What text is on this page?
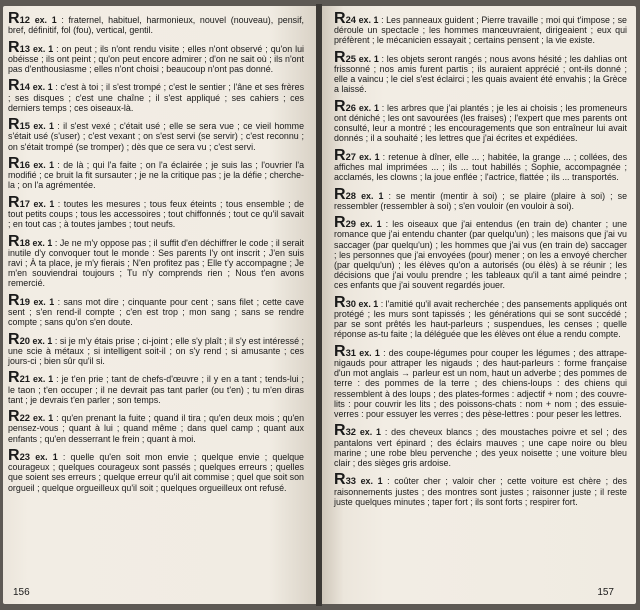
R12 ex. 1 : fraternel, habituel, harmonieux, nouvel (nouveau), pensif, bref, définitif, fol (fou), vertical, gentil.

R13 ex. 1 : on peut ; ils n'ont rendu visite ; elles n'ont observé ; qu'on lui obéisse ; ils ont peint ; qu'on peut encore admirer ; d'on ne sait où ; ils n'ont pas d'enthousiasme ; elles n'ont choisi ; beaucoup n'ont pas donné.

R14 ex. 1 : c'est à toi ; il s'est trompé ; c'est le sentier ; l'âne et ses frères ; ses disques ; c'est une chaîne ; il s'est appliqué ; ses cahiers ; ces derniers temps ; ces oiseaux-là.

R15 ex. 1 : il s'est vexé ; c'était usé ; elle se sera vue ; ce vieil homme s'était usé (s'user) ; c'est vexant ; on s'est servi (se servir) ; c'est reconnu ; on s'était trompé (se tromper) ; dès que ce sera vu ; c'est servi.

R16 ex. 1 : de là ; qui l'a faite ; on l'a éclairée ; je suis las ; l'ouvrier l'a modifié ; ce bruit la fit sursauter ; je ne la critique pas ; je la défie ; cherche-la ; on l'a agrémentée.

R17 ex. 1 : toutes les mesures ; tous feux éteints ; tous ensemble ; de tout petits coups ; tous les accessoires ; tout chiffonnés ; tout ce qu'il savait ; en tout cas ; à toutes jambes ; tout neufs.

R18 ex. 1 : Je ne m'y oppose pas ; il suffit d'en déchiffrer le code ; il serait inutile d'y convoquer tout le monde : Ses parents l'y ont inscrit ; J'en suis ravi ; À ta place, je m'y fierais ; N'en profitez pas ; Elle t'y accompagne ; Je m'en souviendrai toujours ; Tu n'y comprends rien ; Nous t'en avons remercié.

R19 ex. 1 : sans mot dire ; cinquante pour cent ; sans filet ; cette cave sent ; s'en rend-il compte ; c'en est trop ; mon sang ; sans se rendre compte ; sans qu'on s'en doute.

R20 ex. 1 : si je m'y étais prise ; ci-joint ; elle s'y plaît ; il s'y est intéressé ; une scie à métaux ; si intelligent soit-il ; on s'y rend ; si amusante ; ces jours-ci ; bien sûr qu'il si.

R21 ex. 1 : je t'en prie ; tant de chefs-d'œuvre ; il y en a tant ; tends-lui ; le taon ; t'en occuper ; il ne devrait pas tant parler (ou t'en) ; tu m'en diras tant ; je devrais t'en parler ; son temps.

R22 ex. 1 : qu'en prenant la fuite ; quand il tira ; qu'en deux mois ; qu'en pensez-vous ; quant à lui ; quand même ; dans quel camp ; quant aux enfants ; qu'en desserrant le frein ; quant à moi.

R23 ex. 1 : quelle qu'en soit mon envie ; quelque envie ; quelque courageux ; quelques courageux sont passés ; quelques erreurs ; quelles que soient ses erreurs ; quelque erreur qu'il ait commise ; quel que soit son orgueil ; quelque orgueilleux qu'il soit ; quelques orgueilleux ont refusé.

156

R24 ex. 1 : Les panneaux guident ; Pierre travaille ; moi qui t'impose ; se déroule un spectacle ; les hommes manœuvraient, dirigeaient ; eux qui préfèrent ; le mécanicien essayait ; certains pensent ; la vie existe.

R25 ex. 1 : les objets seront rangés ; nous avons hésité ; les dahlias ont frissonné ; nos amis furent partis ; ils auraient apprécié ; ont-ils donné ; elle a vaincu ; le ciel s'est éclairci ; les quais avaient été envahis ; la Grèce a laissé.

R26 ex. 1 : les arbres que j'ai plantés ; je les ai choisis ; les promeneurs ont déniché ; les ont savourées (les fraises) ; l'expert que mes parents ont consulté, leur a montré ; les encouragements que son entraîneur lui avait donnés ; il a souhaité ; les lettres que j'ai écrites et expédiées.

R27 ex. 1 : retenue à dîner, elle ... ; habitée, la grange ... ; collées, des affiches mal imprimées ... ; ils ... tout habillés ; Sophie, accompagnée ; acclamés, les clowns ; la joue enflée ; l'actrice, flattée ; ils ... transportés.

R28 ex. 1 : se mentir (mentir à soi) ; se plaire (plaire à soi) ; se ressembler (ressembler à soi) ; s'en vouloir (en vouloir à soi).

R29 ex. 1 : les oiseaux que j'ai entendus (en train de) chanter ; une romance que j'ai entendu chanter (par quelqu'un) ; les maisons que j'ai vu saccager (par quelqu'un) ; les hommes que j'ai vus (en train de) saccager ; les personnes que j'ai envoyées (pour) mener ; on les a envoyé chercher (par quelqu'un) ; les élèves qu'on a autorisés (ou élès) à se réunir ; les décisions que j'ai voulu prendre ; les tableaux qu'il a tant aimé peindre ; ces enfants que j'ai souvent regardés jouer.

R30 ex. 1 : l'amitié qu'il avait recherchée ; des pansements appliqués ont protégé ; les murs sont tapissés ; les générations qui se sont succédé ; par se sont prêtés les haut-parleurs ; suspendues, les censes ; quelle réponse as-tu faite ; la déléguée que les élèves ont élue a rendu compte.

R31 ex. 1 : des coupe-légumes pour couper les légumes ; des attrape-nigauds pour attraper les nigauds ; des haut-parleurs : forme française d'un mot anglais → parleur est un nom, haut un adverbe ; des pommes de terre : des pommes de la terre ; des chiens-loups : des chiens qui ressemblent à des loups ; des plates-formes : adjectif + nom ; des couvre-lits : pour couvrir les lits ; des poissons-chats : nom + nom ; des essuie-verres : pour essuyer les verres ; des pèse-lettres : pour peser les lettres.

R32 ex. 1 : des cheveux blancs ; des moustaches poivre et sel ; des pantalons vert épinard ; des éclairs mauves ; une cape noire ou bleu marine ; une robe bleu pervenche ; des yeux noisette ; une voiture bleu clair ; des sièges gris ardoise.

R33 ex. 1 : coûter cher ; valoir cher ; cette voiture est chère ; des raisonnements justes ; des montres sont justes ; raisonner juste ; il reste juste quelques minutes ; taper fort ; ils sont forts ; respirer fort.

157
